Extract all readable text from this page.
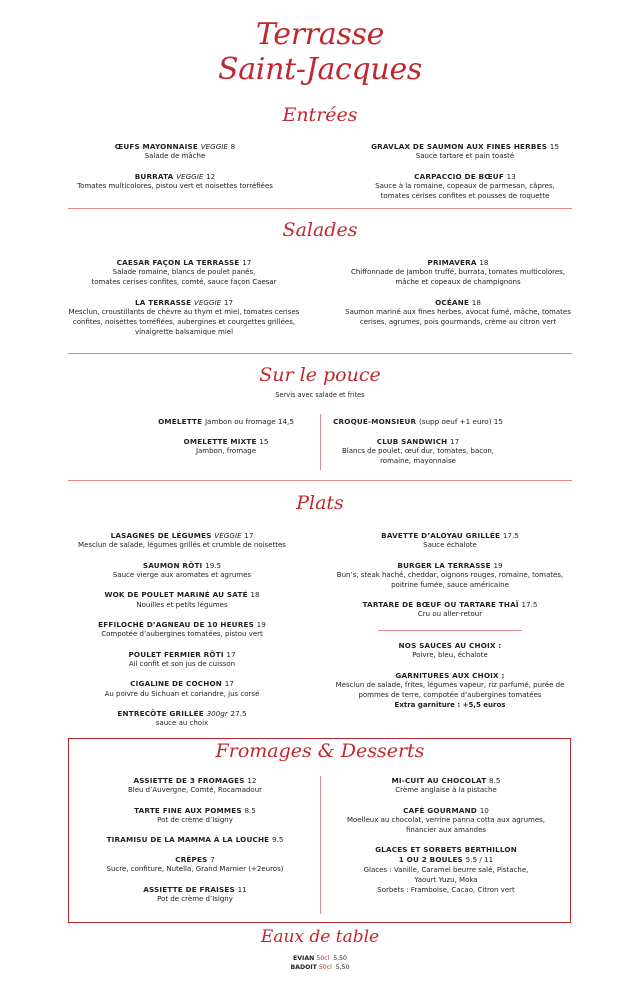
Terrasse
Saint-Jacques
Entrées
ŒUFS MAYONNAISE VEGGIE 8
Salade de mâche
BURRATA VEGGIE 12
Tomates multicolores, pistou vert et noisettes torréfiées
GRAVLAX DE SAUMON AUX FINES HERBES 15
Sauce tartare et pain toasté
CARPACCIO DE BŒUF 13
Sauce à la romaine, copeaux de parmesan, câpres,
tomates cerises confites et pousses de roquette
Salades
CAESAR FAÇON LA TERRASSE 17
Salade romaine, blancs de poulet panés,
tomates cerises confites, comté, sauce façon Caesar
LA TERRASSE VEGGIE 17
Mesclun, croustillants de chèvre au thym et miel, tomates cerises
confites, noisettes torréfiées, aubergines et courgettes grillées,
vinaigrette balsamique miel
PRIMAVERA 18
Chiffonnade de jambon truffé, burrata, tomates multicolores,
mâche et copeaux de champignons
OCÉANE 18
Saumon mariné aux fines herbes, avocat fumé, mâche, tomates
cerises, agrumes, pois gourmands, crème au citron vert
Sur le pouce
Servis avec salade et frites
OMELETTE Jambon ou fromage 14,5
OMELETTE MIXTE 15
Jambon, fromage
CROQUE-MONSIEUR (supp oeuf +1 euro) 15
CLUB SANDWICH 17
Blancs de poulet, œuf dur, tomates, bacon,
romaine, mayonnaise
Plats
LASAGNES DE LÉGUMES VEGGIE 17
Mesclun de salade, légumes grillés et crumble de noisettes
SAUMON RÔTI 19.5
Sauce vierge aux aromates et agrumes
WOK DE POULET MARINÉ AU SATÉ 18
Nouilles et petits légumes
EFFILOCHÉ D’AGNEAU DE 10 HEURES 19
Compotée d’aubergines tomatées, pistou vert
POULET FERMIER RÔTI 17
Ail confit et son jus de cuisson
CIGALINE DE COCHON 17
Au poivre du Sichuan et coriandre, jus corsé
ENTRECÔTE GRILLÉE 300gr 27.5
sauce au choix
BAVETTE D’ALOYAU GRILLÉE 17.5
Sauce échalote
BURGER LA TERRASSE 19
Bun’s, steak haché, cheddar, oignons rouges, romaine, tomates,
poitrine fumée, sauce américaine
TARTARE DE BŒUF OU TARTARE THAÏ 17.5
Cru ou aller-retour
NOS SAUCES AU CHOIX :
Poivre, bleu, échalote
GARNITURES AUX CHOIX :
Mesclun de salade, frites, légumes vapeur, riz parfumé, purée de
pommes de terre, compotée d’aubergines tomatées
Extra garniture : +5,5 euros
Fromages & Desserts
ASSIETTE DE 3 FROMAGES 12
Bleu d’Auvergne, Comté, Rocamadour
TARTE FINE AUX POMMES 8.5
Pot de crème d’Isigny
TIRAMISU DE LA MAMMA À LA LOUCHE 9.5
CRÊPES 7
Sucre, confiture, Nutella, Grand Marnier (+2euros)
ASSIETTE DE FRAISES 11
Pot de crème d’Isigny
MI-CUIT AU CHOCOLAT 8.5
Crème anglaise à la pistache
CAFÉ GOURMAND 10
Moelleux au chocolat, verrine panna cotta aux agrumes,
financier aux amandes
GLACES ET SORBETS BERTHILLON
1 OU 2 BOULES 5.5 / 11
Glaces : Vanille, Caramel beurre salé, Pistache,
Yaourt Yuzu, Moka
Sorbets : Framboise, Cacao, Citron vert
Eaux de table
EVIAN 50cl 5,50
BADOIT 50cl 5,50
